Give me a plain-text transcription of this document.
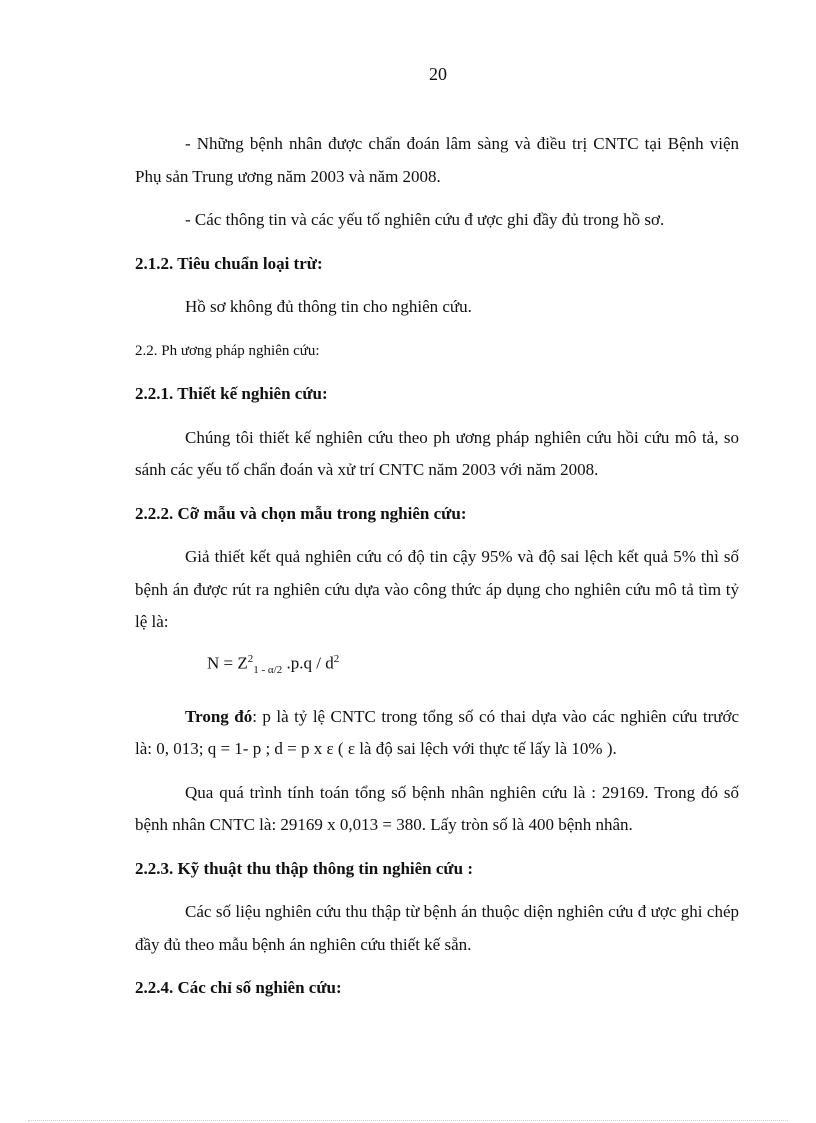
20

- Những bệnh nhân được chẩn đoán lâm sàng và điều trị CNTC tại Bệnh viện Phụ sản Trung ương năm 2003 và năm 2008.

- Các thông tin và các yếu tố nghiên cứu đ ược ghi đầy đủ trong hồ sơ.

2.1.2. Tiêu chuẩn loại trừ:

Hồ sơ không đủ thông tin cho nghiên cứu.

2.2. Ph ương pháp nghiên cứu:

2.2.1. Thiết kế nghiên cứu:

Chúng tôi thiết kế nghiên cứu theo ph ương pháp nghiên cứu hồi cứu mô tả, so sánh các yếu tố chẩn đoán và xử trí CNTC năm 2003 với năm 2008.

2.2.2. Cỡ mẫu và chọn mẫu trong nghiên cứu:

Giả thiết kết quả nghiên cứu có độ tin cậy 95% và độ sai lệch kết quả 5% thì số bệnh án được rút ra nghiên cứu dựa vào công thức áp dụng cho nghiên cứu mô tả tìm tỷ lệ là:

$N = Z^2_{1 - \alpha/2}$ $.p.q / d^2$

Trong đó: p là tỷ lệ CNTC trong tổng số có thai dựa vào các nghiên cứu trước là: 0, 013; q = 1- p ; d = p x ε ( ε là độ sai lệch với thực tế lấy là 10% ).

Qua quá trình tính toán tổng số bệnh nhân nghiên cứu là : 29169. Trong đó số bệnh nhân CNTC là: 29169 x 0,013 = 380. Lấy tròn số là 400 bệnh nhân.

2.2.3. Kỹ thuật thu thập thông tin nghiên cứu :

Các số liệu nghiên cứu thu thập từ bệnh án thuộc diện nghiên cứu đ ược ghi chép đầy đủ theo mẫu bệnh án nghiên cứu thiết kế sẵn.

2.2.4. Các chỉ số nghiên cứu:
